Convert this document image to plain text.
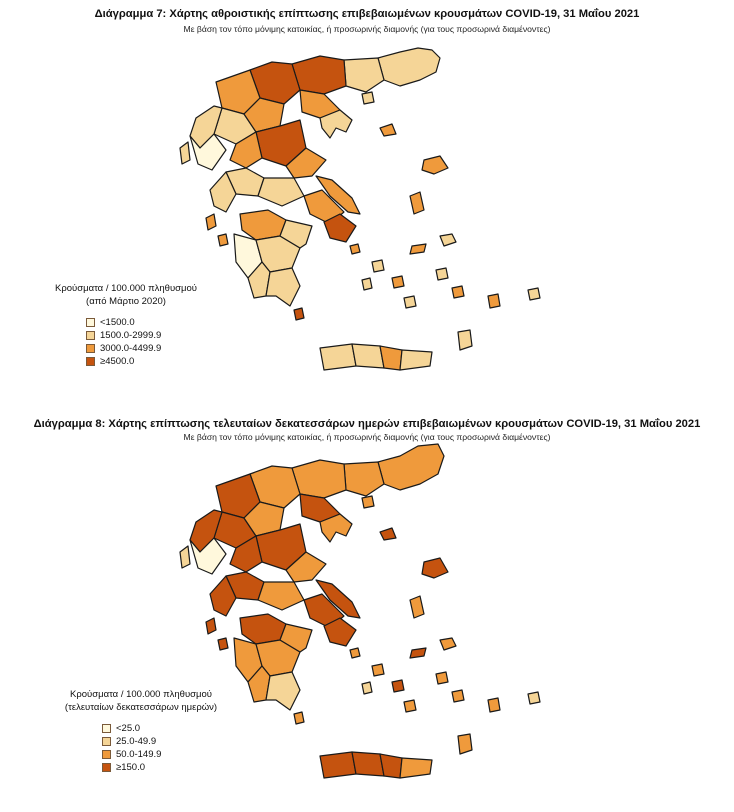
Διάγραμμα 7: Χάρτης αθροιστικής επίπτωσης επιβεβαιωμένων κρουσμάτων COVID-19, 31 Μαΐου 2021
Με βάση τον τόπο μόνιμης κατοικίας, ή προσωρινής διαμονής (για τους προσωρινά διαμένοντες)
Κρούσματα / 100.000 πληθυσμού
(από Μάρτιο 2020)
<1500.0
1500.0-2999.9
3000.0-4499.9
≥4500.0
Διάγραμμα 8: Χάρτης επίπτωσης τελευταίων δεκατεσσάρων ημερών επιβεβαιωμένων κρουσμάτων COVID-19, 31 Μαΐου 2021
Με βάση τον τόπο μόνιμης κατοικίας, ή προσωρινής διαμονής (για τους προσωρινά διαμένοντες)
Κρούσματα / 100.000 πληθυσμού
(τελευταίων δεκατεσσάρων ημερών)
<25.0
25.0-49.9
50.0-149.9
≥150.0
